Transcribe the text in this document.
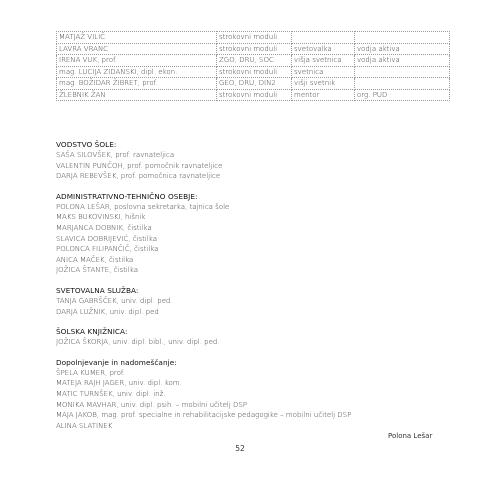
MATJAŽ VILIČ	strokovni moduli		
LAVRA VRANC	strokovni moduli	svetovalka	vodja aktiva
IRENA VUK, prof.	ZGO, DRU, SOC	višja svetnica	vodja aktiva
mag. LUCIJA ZIDANSKI, dipl. ekon.	strokovni moduli	svetnica	
mag. BOŽIDAR ŽIBRET, prof.	GEO, DRU, DIN2	višji svetnik	
ŽLEBNIK ŽAN	strokovni moduli	mentor	org. PUD
VODSTVO ŠOLE:
SAŠA SILOVŠEK, prof. ravnateljica
VALENTIN PUNČOH, prof. pomočnik ravnateljice
DARJA REBEVŠEK, prof. pomočnica ravnateljice
ADMINISTRATIVNO-TEHNIČNO OSEBJE:
POLONA LEŠAR, poslovna sekretarka, tajnica šole
MAKS BUKOVINSKI, hišnik
MARJANCA DOBNIK, čistilka
SLAVICA DOBRIJEVIĆ, čistilka
POLONCA FILIPANČIČ, čistilka
ANICA MAČEK, čistilka
JOŽICA ŠTANTE, čistilka
SVETOVALNA SLUŽBA:
TANJA GABRŠČEK, univ. dipl. ped.
DARJA LUŽNIK, univ. dipl. ped.
ŠOLSKA KNJIŽNICA:
JOŽICA ŠKORJA, univ. dipl. bibl., univ. dipl. ped.
Dopolnjevanje in nadomeščanje:
ŠPELA KUMER, prof.
MATEJA RAJH JAGER, univ. dipl. kom.
MATIC TURNŠEK, univ. dipl. inž.
MONIKA MAVHAR, univ. dipl. psih. – mobilni učitelj DSP
MAJA JAKOB, mag. prof. specialne in rehabilitacijske pedagogike – mobilni učitelj DSP
ALINA SLATINEK
Polona Lešar
52
